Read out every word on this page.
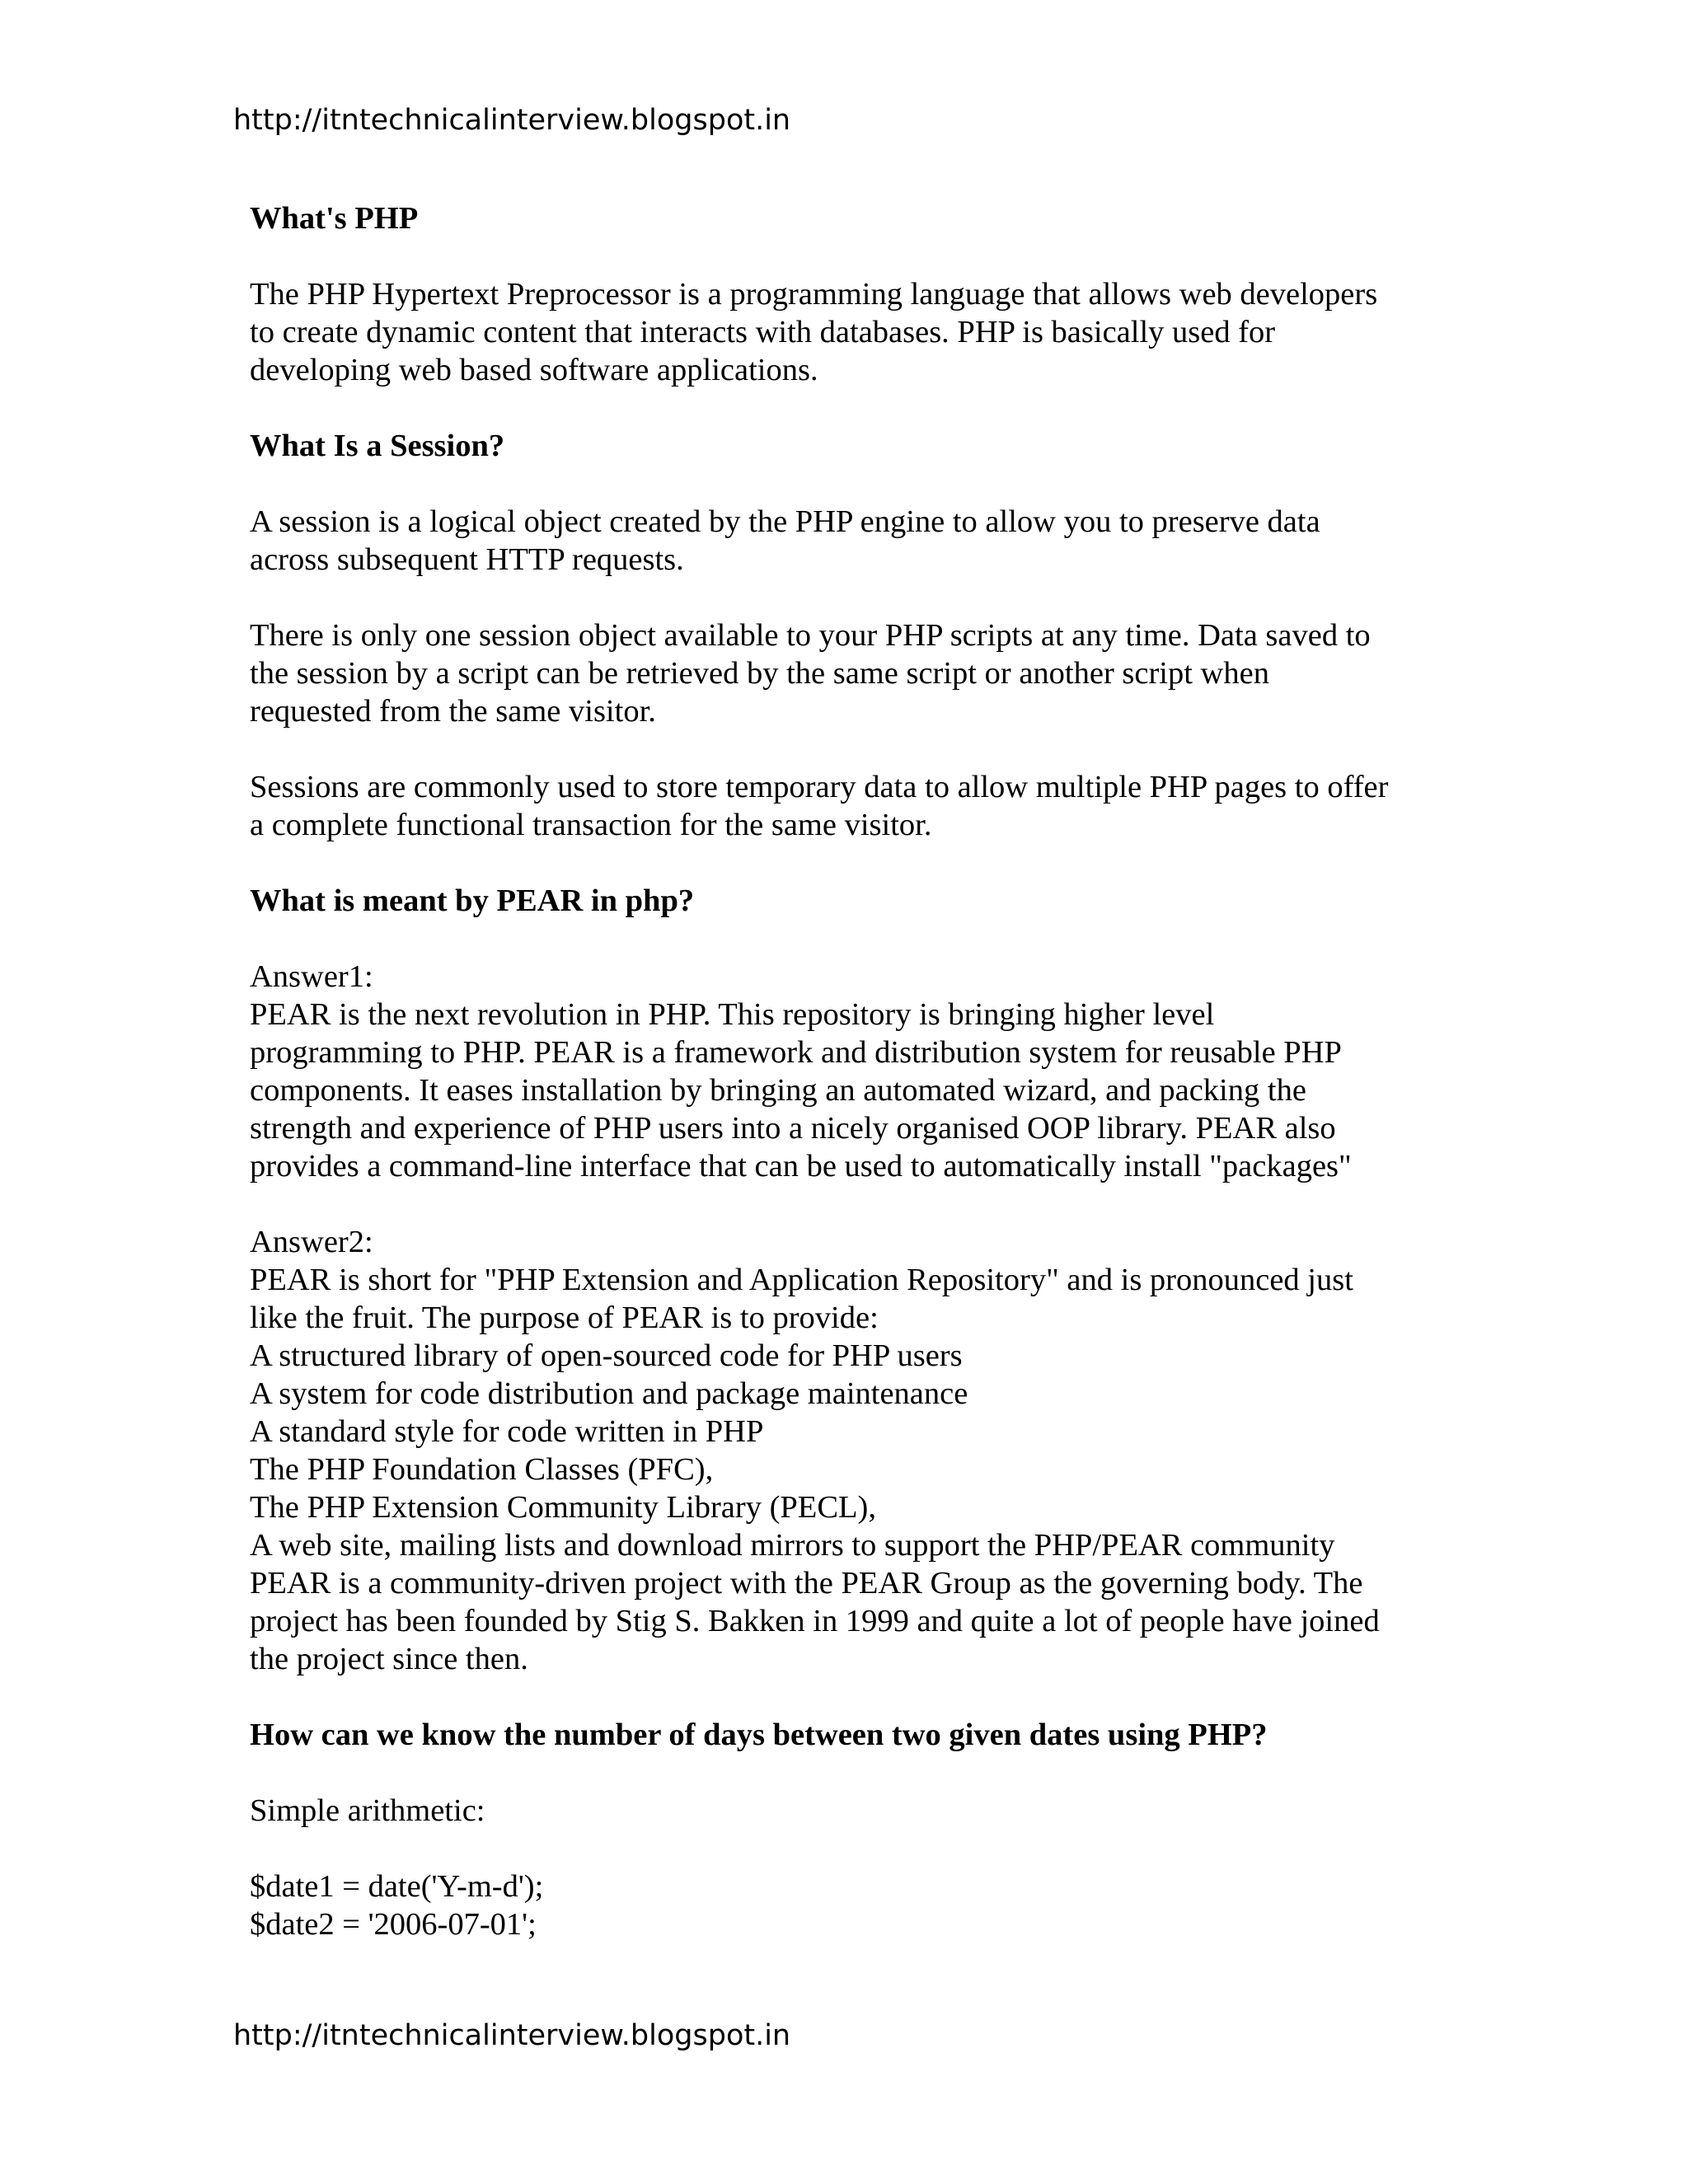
http://itntechnicalinterview.blogspot.in
What's PHP
The PHP Hypertext Preprocessor is a programming language that allows web developers
to create dynamic content that interacts with databases. PHP is basically used for
developing web based software applications.
What Is a Session?
A session is a logical object created by the PHP engine to allow you to preserve data
across subsequent HTTP requests.
There is only one session object available to your PHP scripts at any time. Data saved to
the session by a script can be retrieved by the same script or another script when
requested from the same visitor.
Sessions are commonly used to store temporary data to allow multiple PHP pages to offer
a complete functional transaction for the same visitor.
What is meant by PEAR in php?
Answer1:
PEAR is the next revolution in PHP. This repository is bringing higher level
programming to PHP. PEAR is a framework and distribution system for reusable PHP
components. It eases installation by bringing an automated wizard, and packing the
strength and experience of PHP users into a nicely organised OOP library. PEAR also
provides a command-line interface that can be used to automatically install "packages"
Answer2:
PEAR is short for "PHP Extension and Application Repository" and is pronounced just
like the fruit. The purpose of PEAR is to provide:
A structured library of open-sourced code for PHP users
A system for code distribution and package maintenance
A standard style for code written in PHP
The PHP Foundation Classes (PFC),
The PHP Extension Community Library (PECL),
A web site, mailing lists and download mirrors to support the PHP/PEAR community
PEAR is a community-driven project with the PEAR Group as the governing body. The
project has been founded by Stig S. Bakken in 1999 and quite a lot of people have joined
the project since then.
How can we know the number of days between two given dates using PHP?
Simple arithmetic:
$date1 = date('Y-m-d');
$date2 = '2006-07-01';
http://itntechnicalinterview.blogspot.in
